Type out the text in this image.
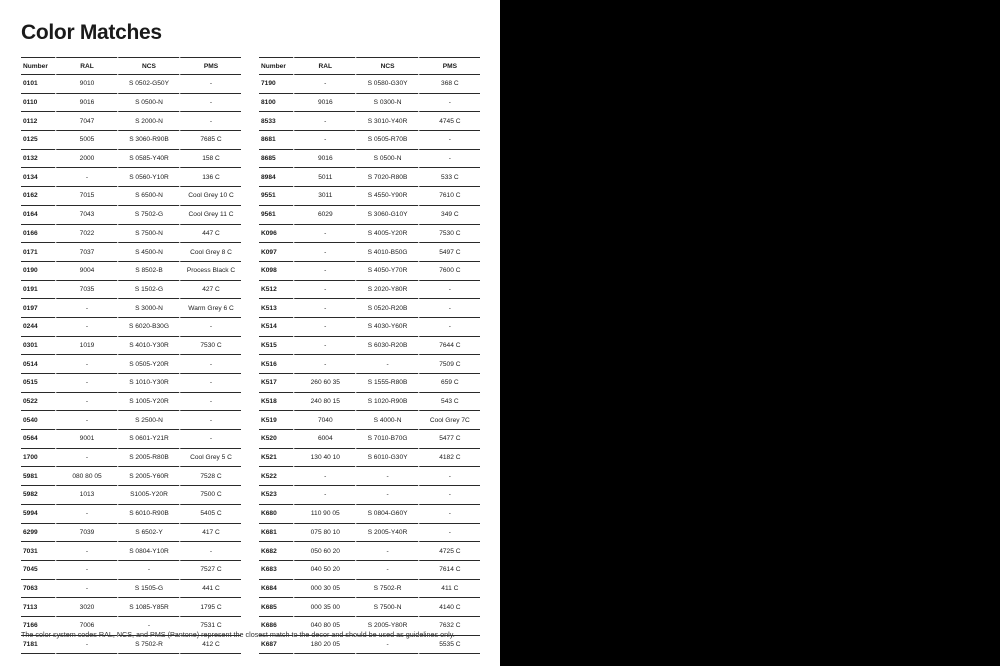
Color Matches
Number	RAL	NCS	PMS
0101	9010	S 0502-G50Y	-
0110	9016	S 0500-N	-
0112	7047	S 2000-N	-
0125	5005	S 3060-R90B	7685 C
0132	2000	S 0585-Y40R	158 C
0134	-	S 0560-Y10R	136 C
0162	7015	S 6500-N	Cool Grey 10 C
0164	7043	S 7502-G	Cool Grey 11 C
0166	7022	S 7500-N	447 C
0171	7037	S 4500-N	Cool Grey 8 C
0190	9004	S 8502-B	Process Black C
0191	7035	S 1502-G	427 C
0197	-	S 3000-N	Warm Grey 6 C
0244	-	S 6020-B30G	-
0301	1019	S 4010-Y30R	7530 C
0514	-	S 0505-Y20R	-
0515	-	S 1010-Y30R	-
0522	-	S 1005-Y20R	-
0540	-	S 2500-N	-
0564	9001	S 0601-Y21R	-
1700	-	S 2005-R80B	Cool Grey 5 C
5981	080 80 05	S 2005-Y60R	7528 C
5982	1013	S1005-Y20R	7500 C
5994	-	S 6010-R90B	5405 C
6299	7039	S 6502-Y	417 C
7031	-	S 0804-Y10R	-
7045	-	-	7527 C
7063	-	S 1505-G	441 C
7113	3020	S 1085-Y85R	1795 C
7166	7006	-	7531 C
7181	-	S 7502-R	412 C
Number	RAL	NCS	PMS
7190	-	S 0580-G30Y	368 C
8100	9016	S 0300-N	-
8533	-	S 3010-Y40R	4745 C
8681	-	S 0505-R70B	-
8685	9016	S 0500-N	-
8984	5011	S 7020-R80B	533 C
9551	3011	S 4550-Y90R	7610 C
9561	6029	S 3060-G10Y	349 C
K096	-	S 4005-Y20R	7530 C
K097	-	S 4010-B50G	5497 C
K098	-	S 4050-Y70R	7600 C
K512	-	S 2020-Y80R	-
K513	-	S 0520-R20B	-
K514	-	S 4030-Y60R	-
K515	-	S 6030-R20B	7644 C
K516	-	-	7509 C
K517	260 60 35	S 1555-R80B	659 C
K518	240 80 15	S 1020-R90B	543 C
K519	7040	S 4000-N	Cool Grey 7C
K520	6004	S 7010-B70G	5477 C
K521	130 40 10	S 6010-G30Y	4182 C
K522	-	-	-
K523	-	-	-
K680	110 90 05	S 0804-G60Y	-
K681	075 80 10	S 2005-Y40R	-
K682	050 60 20	-	4725 C
K683	040 50 20	-	7614 C
K684	000 30 05	S 7502-R	411 C
K685	000 35 00	S 7500-N	4140 C
K686	040 80 05	S 2005-Y80R	7632 C
K687	180 20 05	-	5535 C

The color system codes RAL, NCS, and PMS (Pantone) represent the closest match to the decor and should be used as guidelines only.
